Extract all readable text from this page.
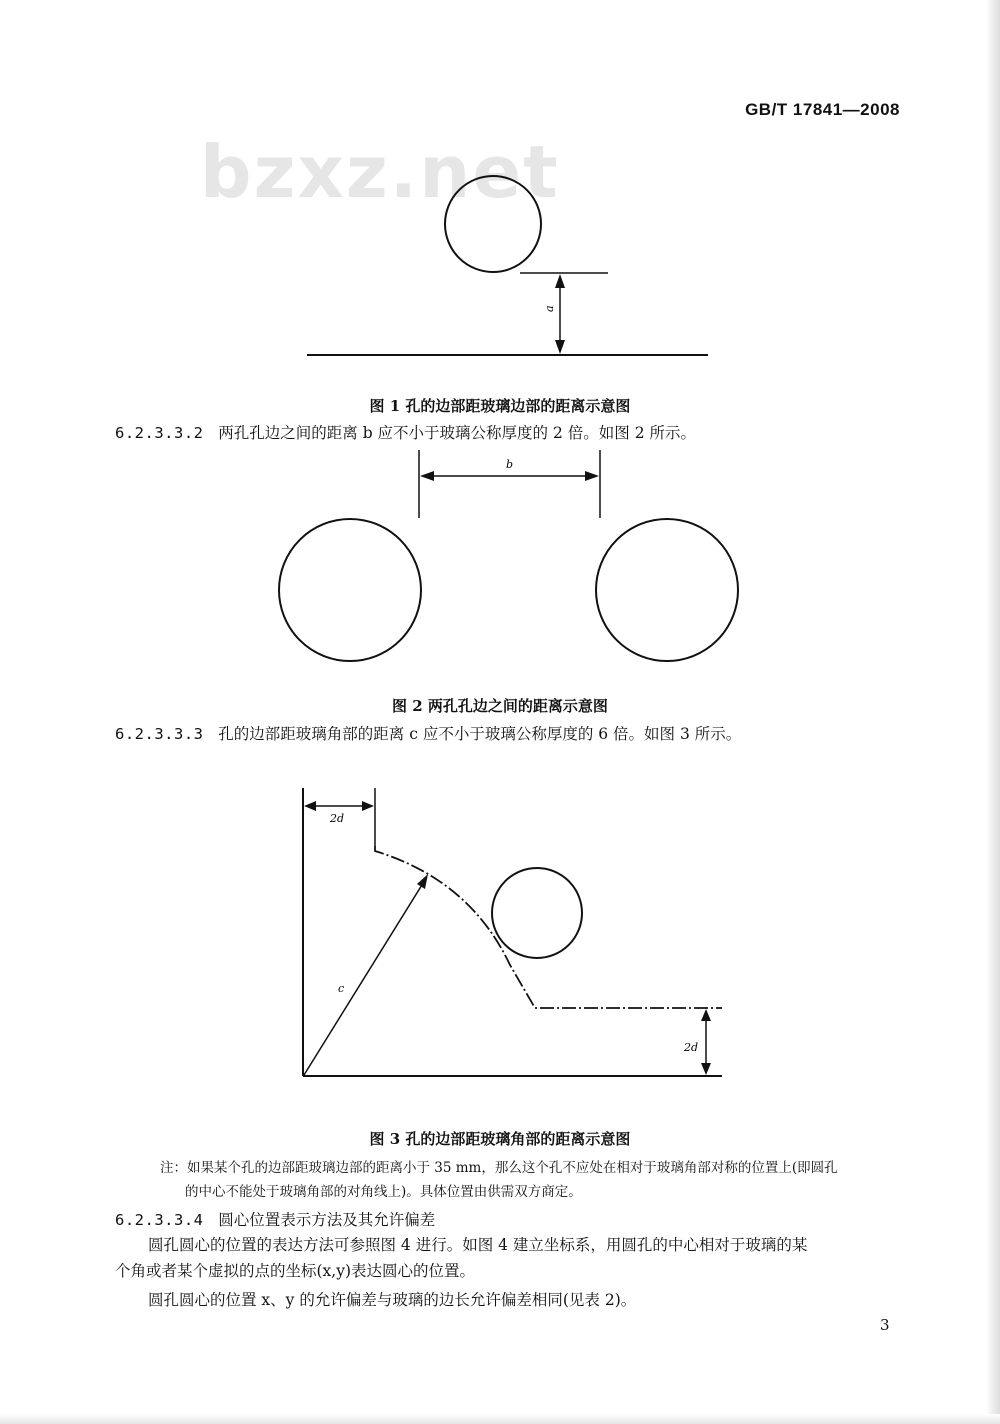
GB/T 17841—2008
bzxz.net
a
图 1 孔的边部距玻璃边部的距离示意图
6.2.3.3.2 两孔孔边之间的距离 b 应不小于玻璃公称厚度的 2 倍。如图 2 所示。
b
图 2 两孔孔边之间的距离示意图
6.2.3.3.3 孔的边部距玻璃角部的距离 c 应不小于玻璃公称厚度的 6 倍。如图 3 所示。
2d
c
2d
图 3 孔的边部距玻璃角部的距离示意图
注：如果某个孔的边部距玻璃边部的距离小于 35 mm，那么这个孔不应处在相对于玻璃角部对称的位置上(即圆孔
的中心不能处于玻璃角部的对角线上)。具体位置由供需双方商定。
6.2.3.3.4 圆心位置表示方法及其允许偏差
圆孔圆心的位置的表达方法可参照图 4 进行。如图 4 建立坐标系，用圆孔的中心相对于玻璃的某
个角或者某个虚拟的点的坐标(x,y)表达圆心的位置。
圆孔圆心的位置 x、y 的允许偏差与玻璃的边长允许偏差相同(见表 2)。
3
